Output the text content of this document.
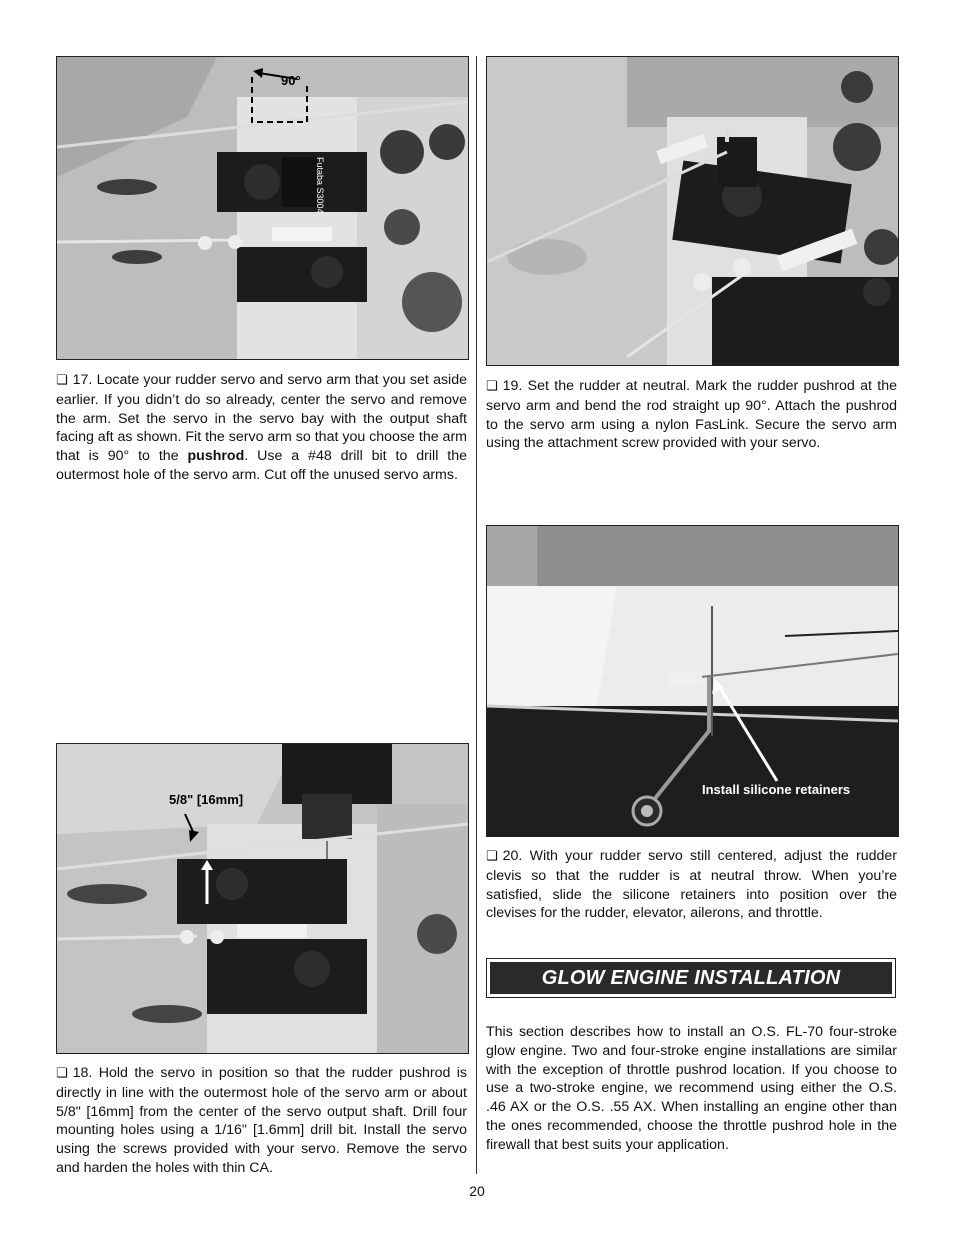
90°
Futaba S3004

❏ 17. Locate your rudder servo and servo arm that you set aside earlier. If you didn’t do so already, center the servo and remove the arm. Set the servo in the servo bay with the output shaft facing aft as shown. Fit the servo arm so that you choose the arm that is 90° to the pushrod. Use a #48 drill bit to drill the outermost hole of the servo arm. Cut off the unused servo arms.

5/8" [16mm]

❏ 18. Hold the servo in position so that the rudder pushrod is directly in line with the outermost hole of the servo arm or about 5/8" [16mm] from the center of the servo output shaft. Drill four mounting holes using a 1/16" [1.6mm] drill bit. Install the servo using the screws provided with your servo. Remove the servo and harden the holes with thin CA.

❏ 19. Set the rudder at neutral. Mark the rudder pushrod at the servo arm and bend the rod straight up 90°. Attach the pushrod to the servo arm using a nylon FasLink. Secure the servo arm using the attachment screw provided with your servo.

Install silicone retainers

❏ 20. With your rudder servo still centered, adjust the rudder clevis so that the rudder is at neutral throw. When you’re satisfied, slide the silicone retainers into position over the clevises for the rudder, elevator, ailerons, and throttle.

GLOW ENGINE INSTALLATION

This section describes how to install an O.S. FL-70 four-stroke glow engine. Two and four-stroke engine installations are similar with the exception of throttle pushrod location. If you choose to use a two-stroke engine, we recommend using either the O.S. .46 AX or the O.S. .55 AX. When installing an engine other than the ones recommended, choose the throttle pushrod hole in the firewall that best suits your application.

20
